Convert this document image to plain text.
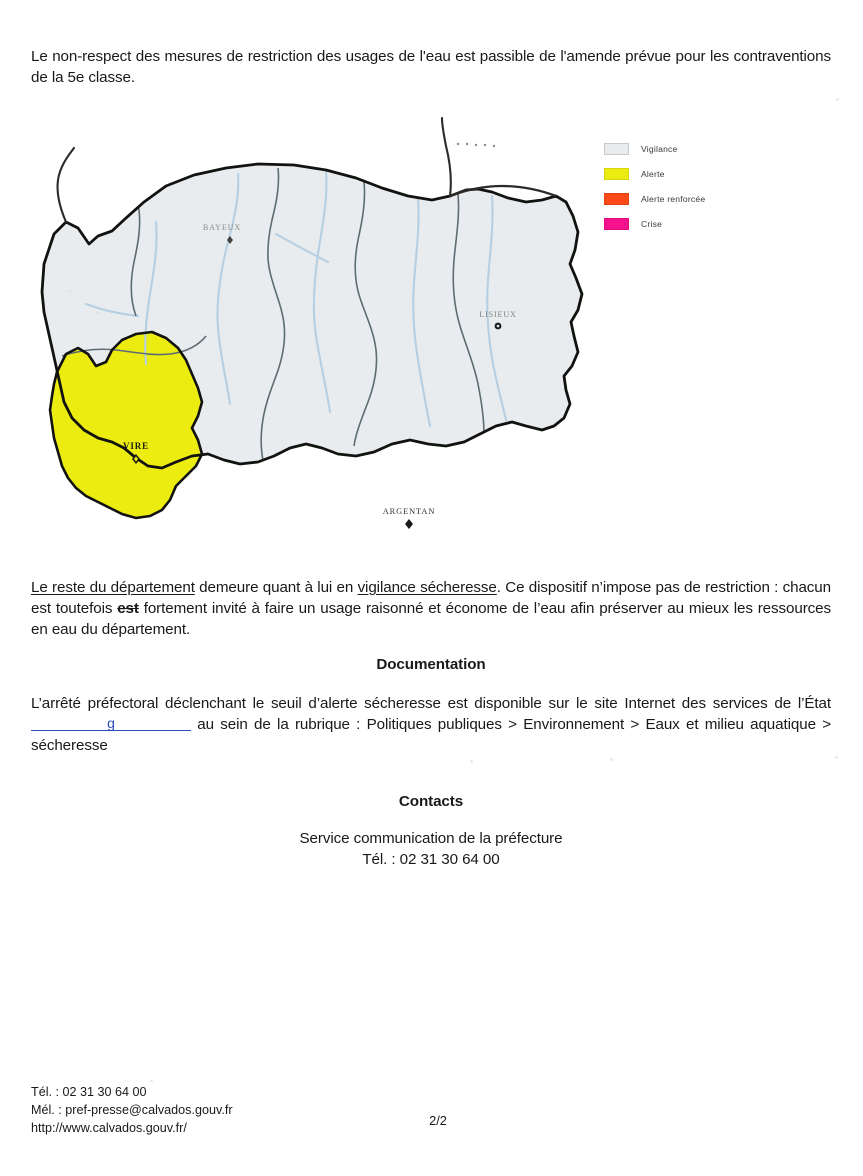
Le non-respect des mesures de restriction des usages de l'eau est passible de l'amende prévue pour les contraventions de la 5e classe.
BAYEUX
LISIEUX
VIRE
ARGENTAN
Vigilance
Alerte
Alerte renforcée
Crise
Le reste du département demeure quant à lui en vigilance sécheresse. Ce dispositif n’impose pas de restriction : chacun est toutefois est fortement invité à faire un usage raisonné et économe de l’eau afin préserver au mieux les ressources en eau du département.
Documentation
L’arrêté préfectoral déclenchant le seuil d’alerte sécheresse est disponible sur le site Internet des services de l’État g	au sein de la rubrique : Politiques publiques > Environnement > Eaux et milieu aquatique > sécheresse
Contacts
Service communication de la préfecture
Tél. : 02 31 30 64 00
Tél. : 02 31 30 64 00
Mél. : pref-presse@calvados.gouv.fr
http://www.calvados.gouv.fr/
2/2
